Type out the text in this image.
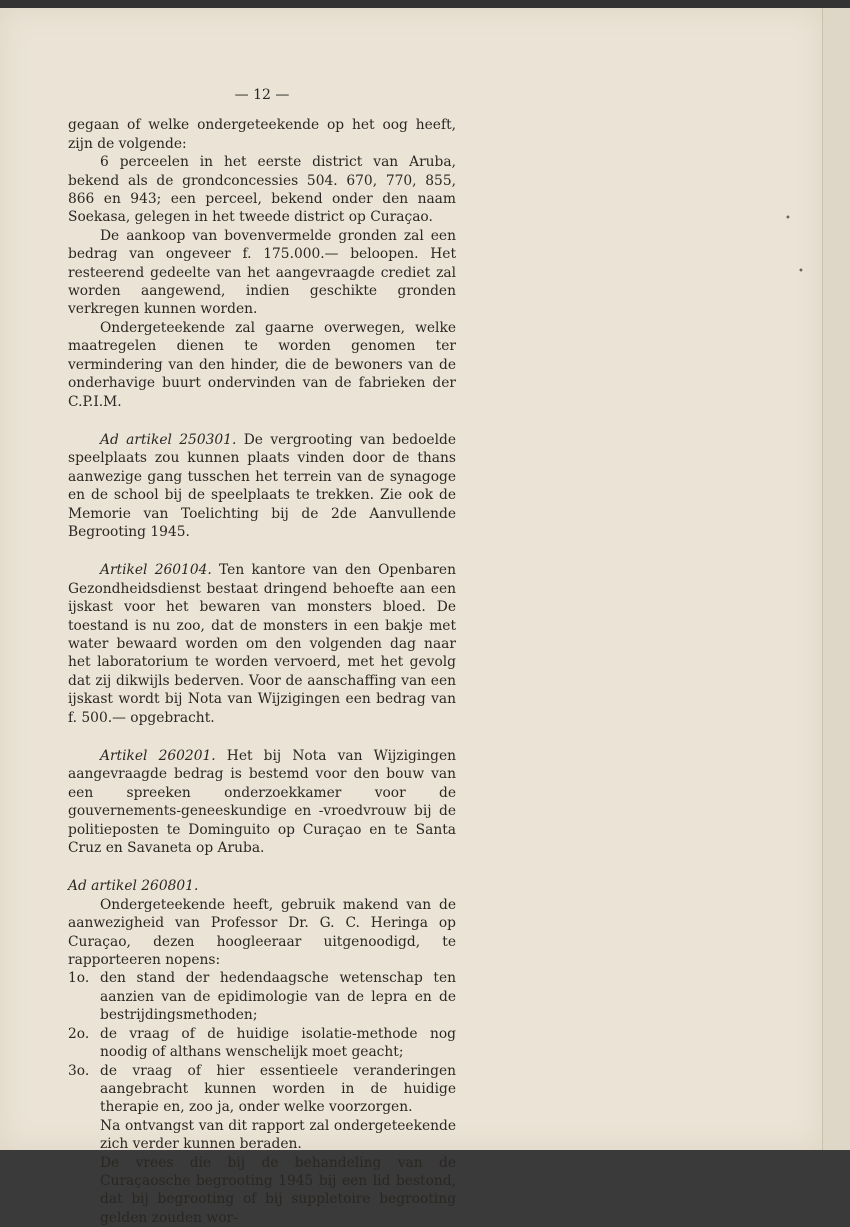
•
•
— 12 —

gegaan of welke ondergeteekende op het oog heeft, zijn de volgende:

6 perceelen in het eerste district van Aruba, bekend als de grondconcessies 504. 670, 770, 855, 866 en 943; een perceel, bekend onder den naam Soekasa, gelegen in het tweede district op Curaçao.

De aankoop van bovenvermelde gronden zal een bedrag van ongeveer f. 175.000.— beloopen. Het resteerend gedeelte van het aangevraagde crediet zal worden aangewend, indien geschikte gronden verkregen kunnen worden.

Ondergeteekende zal gaarne overwegen, welke maatregelen dienen te worden genomen ter vermindering van den hinder, die de bewoners van de onderhavige buurt ondervinden van de fabrieken der C.P.I.M.

Ad artikel 250301. De vergrooting van bedoelde speelplaats zou kunnen plaats vinden door de thans aanwezige gang tusschen het terrein van de synagoge en de school bij de speelplaats te trekken. Zie ook de Memorie van Toelichting bij de 2de Aanvullende Begrooting 1945.

Artikel 260104. Ten kantore van den Openbaren Gezondheidsdienst bestaat dringend behoefte aan een ijskast voor het bewaren van monsters bloed. De toestand is nu zoo, dat de monsters in een bakje met water bewaard worden om den volgenden dag naar het laboratorium te worden vervoerd, met het gevolg dat zij dikwijls bederven. Voor de aanschaffing van een ijskast wordt bij Nota van Wijzigingen een bedrag van f. 500.— opgebracht.

Artikel 260201. Het bij Nota van Wijzigingen aangevraagde bedrag is bestemd voor den bouw van een spreeken onderzoekkamer voor de gouvernements-geneeskundige en -vroedvrouw bij de politieposten te Dominguito op Curaçao en te Santa Cruz en Savaneta op Aruba.

Ad artikel 260801.

Ondergeteekende heeft, gebruik makend van de aanwezigheid van Professor Dr. G. C. Heringa op Curaçao, dezen hoogleeraar uitgenoodigd, te rapporteeren nopens:

1o. den stand der hedendaagsche wetenschap ten aanzien van de epidimologie van de lepra en de bestrijdingsmethoden;
2o. de vraag of de huidige isolatie-methode nog noodig of althans wenschelijk moet geacht;
3o. de vraag of hier essentieele veranderingen aangebracht kunnen worden in de huidige therapie en, zoo ja, onder welke voorzorgen.

Na ontvangst van dit rapport zal ondergeteekende zich verder kunnen beraden.

De vrees die bij de behandeling van de Curaçaosche begrooting 1945 bij een lid bestond, dat bij begrooting of bij suppletoire begrooting gelden zouden wor-
